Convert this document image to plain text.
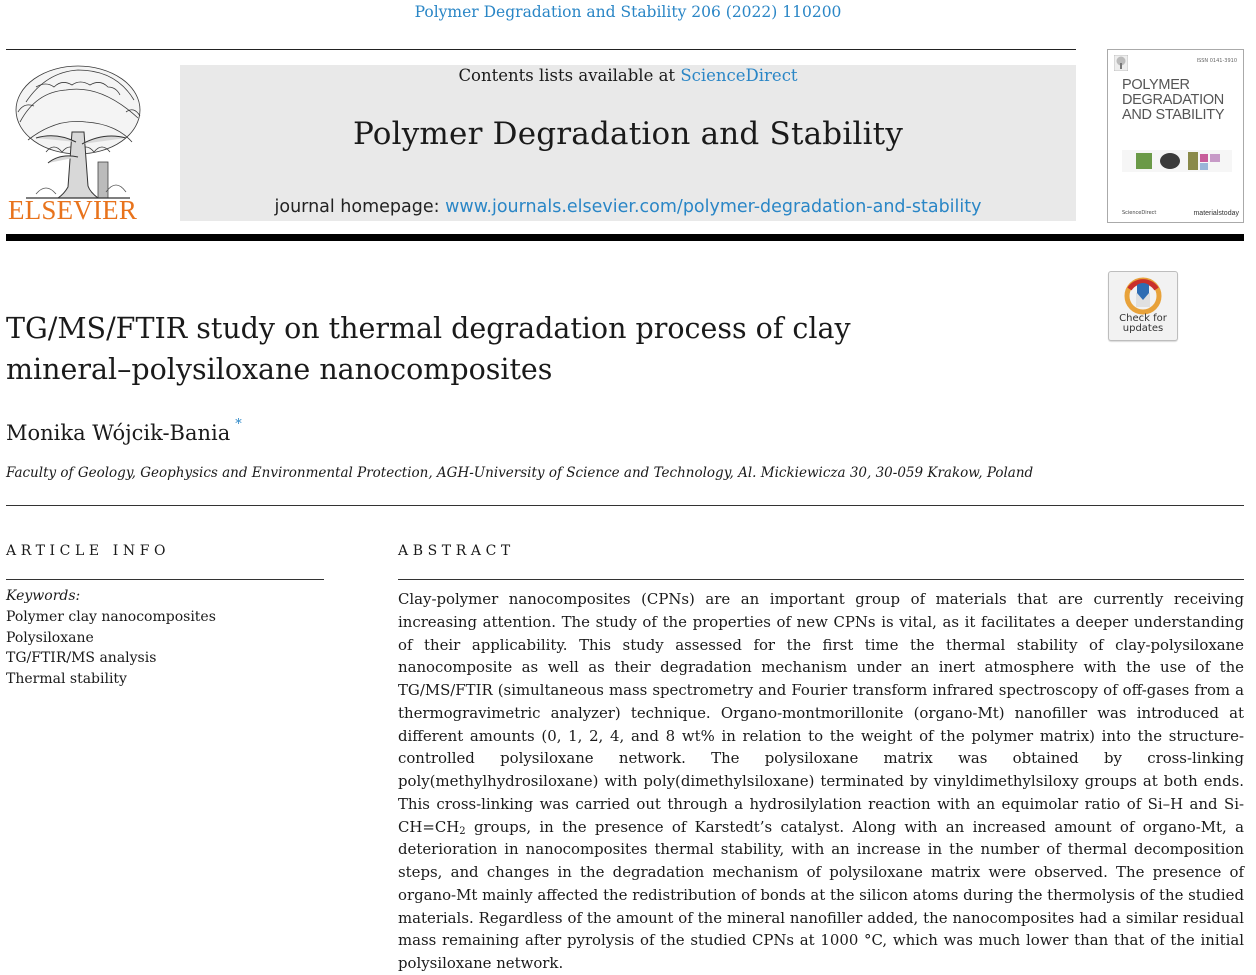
Polymer Degradation and Stability 206 (2022) 110200
ELSEVIER
Contents lists available at ScienceDirect
Polymer Degradation and Stability
journal homepage: www.journals.elsevier.com/polymer-degradation-and-stability
ISSN 0141-3910
POLYMER
DEGRADATION
AND STABILITY
ScienceDirect	materialstoday
Check for
updates
TG/MS/FTIR study on thermal degradation process of clay
mineral–polysiloxane nanocomposites
Monika Wójcik-Bania *
Faculty of Geology, Geophysics and Environmental Protection, AGH-University of Science and Technology, Al. Mickiewicza 30, 30-059 Krakow, Poland
ARTICLE INFO
Keywords:
Polymer clay nanocomposites
Polysiloxane
TG/FTIR/MS analysis
Thermal stability
ABSTRACT
Clay-polymer nanocomposites (CPNs) are an important group of materials that are currently receiving increasing attention. The study of the properties of new CPNs is vital, as it facilitates a deeper understanding of their applicability. This study assessed for the first time the thermal stability of clay-polysiloxane nanocomposite as well as their degradation mechanism under an inert atmosphere with the use of the TG/MS/FTIR (simultaneous mass spectrometry and Fourier transform infrared spectroscopy of off-gases from a thermogravimetric analyzer) technique. Organo-montmorillonite (organo-Mt) nanofiller was introduced at different amounts (0, 1, 2, 4, and 8 wt% in relation to the weight of the polymer matrix) into the structure-controlled polysiloxane network. The polysiloxane matrix was obtained by cross-linking poly(methylhydrosiloxane) with poly(dimethylsiloxane) terminated by vinyldimethylsiloxy groups at both ends. This cross-linking was carried out through a hydrosilylation reaction with an equimolar ratio of Si–H and $Si-CH=CH_2$ groups, in the presence of Karstedt’s catalyst. Along with an increased amount of organo-Mt, a deterioration in nanocomposites thermal stability, with an increase in the number of thermal decomposition steps, and changes in the degradation mechanism of polysiloxane matrix were observed. The presence of organo-Mt mainly affected the redistribution of bonds at the silicon atoms during the thermolysis of the studied materials. Regardless of the amount of the mineral nanofiller added, the nanocomposites had a similar residual mass remaining after pyrolysis of the studied CPNs at 1000 °C, which was much lower than that of the initial polysiloxane network.
